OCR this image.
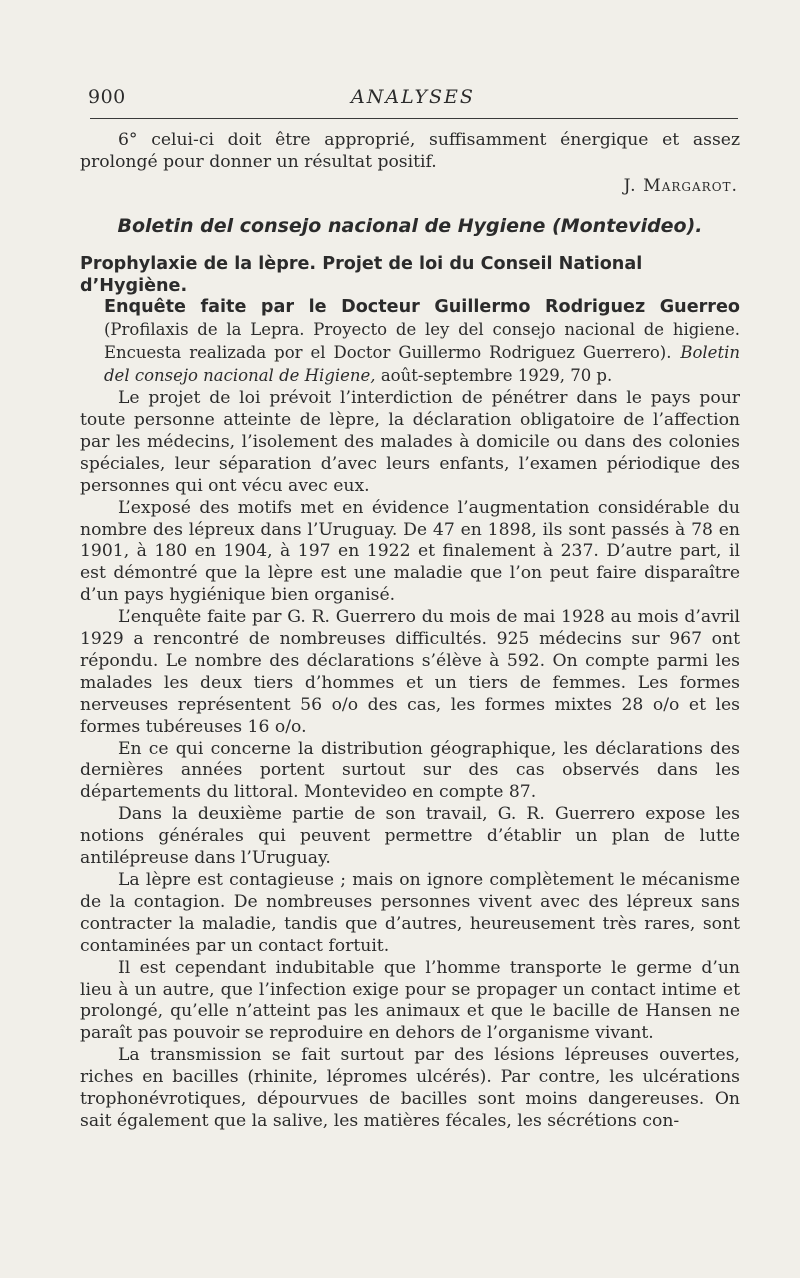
900	ANALYSES

6° celui-ci doit être approprié, suffisamment énergique et assez prolongé pour donner un résultat positif.

J. Margarot.

Boletin del consejo nacional de Hygiene (Montevideo).

Prophylaxie de la lèpre. Projet de loi du Conseil National d’Hygiène.
Enquête faite par le Docteur Guillermo Rodriguez Guerreo (Profilaxis de la Lepra. Proyecto de ley del consejo nacional de higiene. Encuesta realizada por el Doctor Guillermo Rodriguez Guerrero). Boletin del consejo nacional de Higiene, août-septembre 1929, 70 p.

Le projet de loi prévoit l’interdiction de pénétrer dans le pays pour toute personne atteinte de lèpre, la déclaration obligatoire de l’affection par les médecins, l’isolement des malades à domicile ou dans des colonies spéciales, leur séparation d’avec leurs enfants, l’examen périodique des personnes qui ont vécu avec eux.

L’exposé des motifs met en évidence l’augmentation considérable du nombre des lépreux dans l’Uruguay. De 47 en 1898, ils sont passés à 78 en 1901, à 180 en 1904, à 197 en 1922 et finalement à 237. D’autre part, il est démontré que la lèpre est une maladie que l’on peut faire disparaître d’un pays hygiénique bien organisé.

L’enquête faite par G. R. Guerrero du mois de mai 1928 au mois d’avril 1929 a rencontré de nombreuses difficultés. 925 médecins sur 967 ont répondu. Le nombre des déclarations s’élève à 592. On compte parmi les malades les deux tiers d’hommes et un tiers de femmes. Les formes nerveuses représentent 56 o/o des cas, les formes mixtes 28 o/o et les formes tubéreuses 16 o/o.

En ce qui concerne la distribution géographique, les déclarations des dernières années portent surtout sur des cas observés dans les départements du littoral. Montevideo en compte 87.

Dans la deuxième partie de son travail, G. R. Guerrero expose les notions générales qui peuvent permettre d’établir un plan de lutte antilépreuse dans l’Uruguay.

La lèpre est contagieuse ; mais on ignore complètement le mécanisme de la contagion. De nombreuses personnes vivent avec des lépreux sans contracter la maladie, tandis que d’autres, heureusement très rares, sont contaminées par un contact fortuit.

Il est cependant indubitable que l’homme transporte le germe d’un lieu à un autre, que l’infection exige pour se propager un contact intime et prolongé, qu’elle n’atteint pas les animaux et que le bacille de Hansen ne paraît pas pouvoir se reproduire en dehors de l’organisme vivant.

La transmission se fait surtout par des lésions lépreuses ouvertes, riches en bacilles (rhinite, lépromes ulcérés). Par contre, les ulcérations trophonévrotiques, dépourvues de bacilles sont moins dangereuses. On sait également que la salive, les matières fécales, les sécrétions con-
